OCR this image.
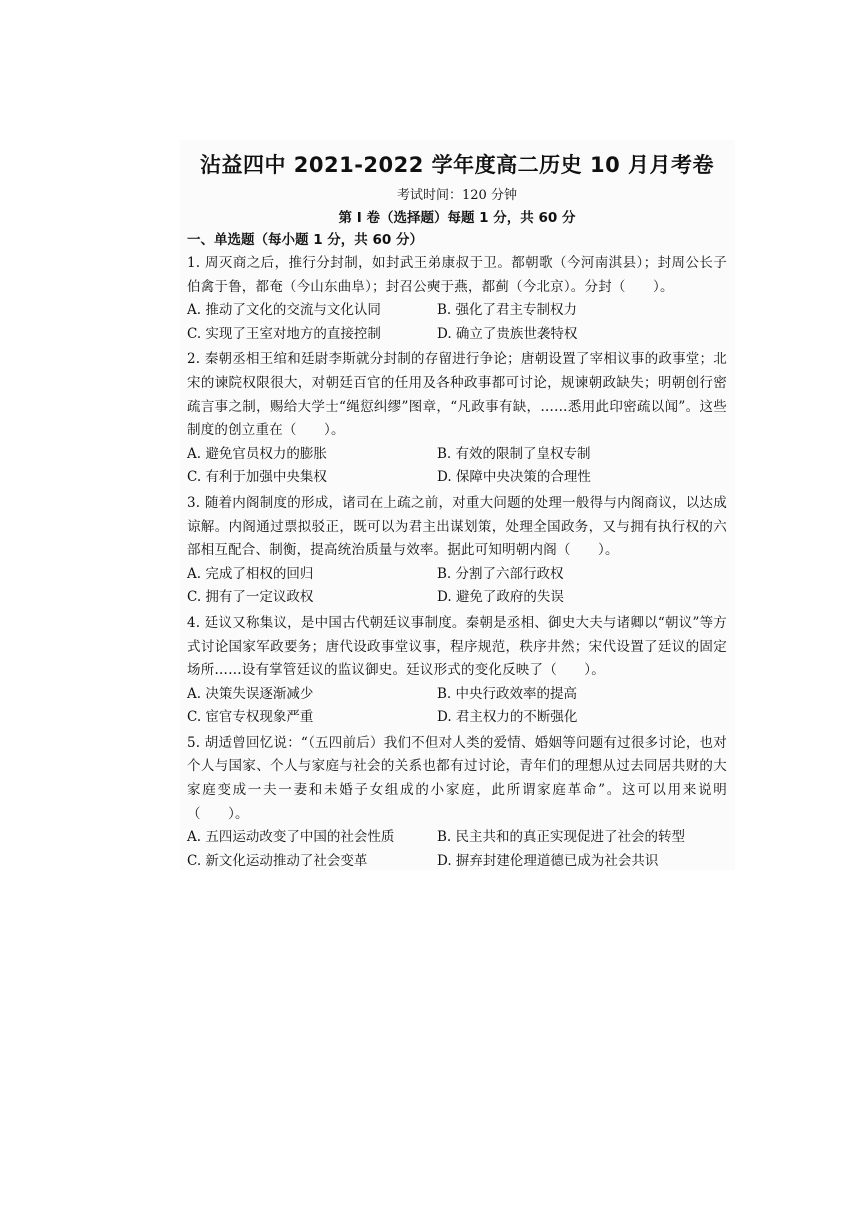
沾益四中 2021-2022 学年度高二历史 10 月月考卷
考试时间：120 分钟
第 I 卷（选择题）每题 1 分，共 60 分
一、单选题（每小题 1 分，共 60 分）
1. 周灭商之后，推行分封制，如封武王弟康叔于卫。都朝歌（今河南淇县）；封周公长子伯禽于鲁，都奄（今山东曲阜）；封召公奭于燕，都蓟（今北京）。分封（　　）。
A. 推动了文化的交流与文化认同	B. 强化了君主专制权力
C. 实现了王室对地方的直接控制	D. 确立了贵族世袭特权
2. 秦朝丞相王绾和廷尉李斯就分封制的存留进行争论；唐朝设置了宰相议事的政事堂；北宋的谏院权限很大，对朝廷百官的任用及各种政事都可讨论，规谏朝政缺失；明朝创行密疏言事之制，赐给大学士“绳愆纠缪”图章，“凡政事有缺，……悉用此印密疏以闻”。这些制度的创立重在（　　）。
A. 避免官员权力的膨胀	B. 有效的限制了皇权专制
C. 有利于加强中央集权	D. 保障中央决策的合理性
3. 随着内阁制度的形成，诸司在上疏之前，对重大问题的处理一般得与内阁商议，以达成谅解。内阁通过票拟驳正，既可以为君主出谋划策，处理全国政务，又与拥有执行权的六部相互配合、制衡，提高统治质量与效率。据此可知明朝内阁（　　）。
A. 完成了相权的回归	B. 分割了六部行政权
C. 拥有了一定议政权	D. 避免了政府的失误
4. 廷议又称集议，是中国古代朝廷议事制度。秦朝是丞相、御史大夫与诸卿以“朝议”等方式讨论国家军政要务；唐代设政事堂议事，程序规范，秩序井然；宋代设置了廷议的固定场所……设有掌管廷议的监议御史。廷议形式的变化反映了（　　）。
A. 决策失误逐渐减少	B. 中央行政效率的提高
C. 宦官专权现象严重	D. 君主权力的不断强化
5. 胡适曾回忆说：“（五四前后）我们不但对人类的爱情、婚姻等问题有过很多讨论，也对个人与国家、个人与家庭与社会的关系也都有过讨论，青年们的理想从过去同居共财的大家庭变成一夫一妻和未婚子女组成的小家庭，此所谓家庭革命”。这可以用来说明（　　）。
A. 五四运动改变了中国的社会性质	B. 民主共和的真正实现促进了社会的转型
C. 新文化运动推动了社会变革	D. 摒弃封建伦理道德已成为社会共识
